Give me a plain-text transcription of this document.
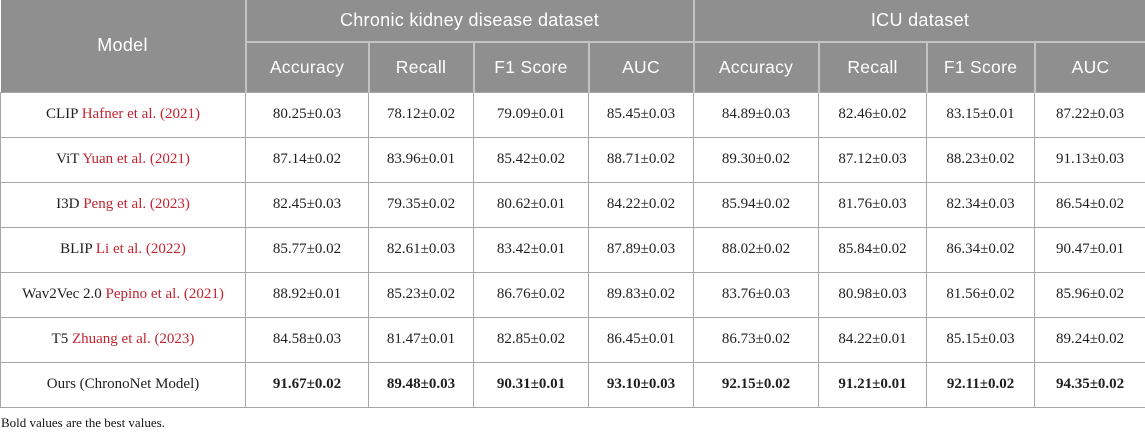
Model	Chronic kidney disease dataset				ICU dataset			
	Accuracy	Recall	F1 Score	AUC	Accuracy	Recall	F1 Score	AUC
CLIP Hafner et al. (2021)	80.25±0.03	78.12±0.02	79.09±0.01	85.45±0.03	84.89±0.03	82.46±0.02	83.15±0.01	87.22±0.03
ViT Yuan et al. (2021)	87.14±0.02	83.96±0.01	85.42±0.02	88.71±0.02	89.30±0.02	87.12±0.03	88.23±0.02	91.13±0.03
I3D Peng et al. (2023)	82.45±0.03	79.35±0.02	80.62±0.01	84.22±0.02	85.94±0.02	81.76±0.03	82.34±0.03	86.54±0.02
BLIP Li et al. (2022)	85.77±0.02	82.61±0.03	83.42±0.01	87.89±0.03	88.02±0.02	85.84±0.02	86.34±0.02	90.47±0.01
Wav2Vec 2.0 Pepino et al. (2021)	88.92±0.01	85.23±0.02	86.76±0.02	89.83±0.02	83.76±0.03	80.98±0.03	81.56±0.02	85.96±0.02
T5 Zhuang et al. (2023)	84.58±0.03	81.47±0.01	82.85±0.02	86.45±0.01	86.73±0.02	84.22±0.01	85.15±0.03	89.24±0.02
Ours (ChronoNet Model)	91.67±0.02	89.48±0.03	90.31±0.01	93.10±0.03	92.15±0.02	91.21±0.01	92.11±0.02	94.35±0.02
Bold values are the best values.
